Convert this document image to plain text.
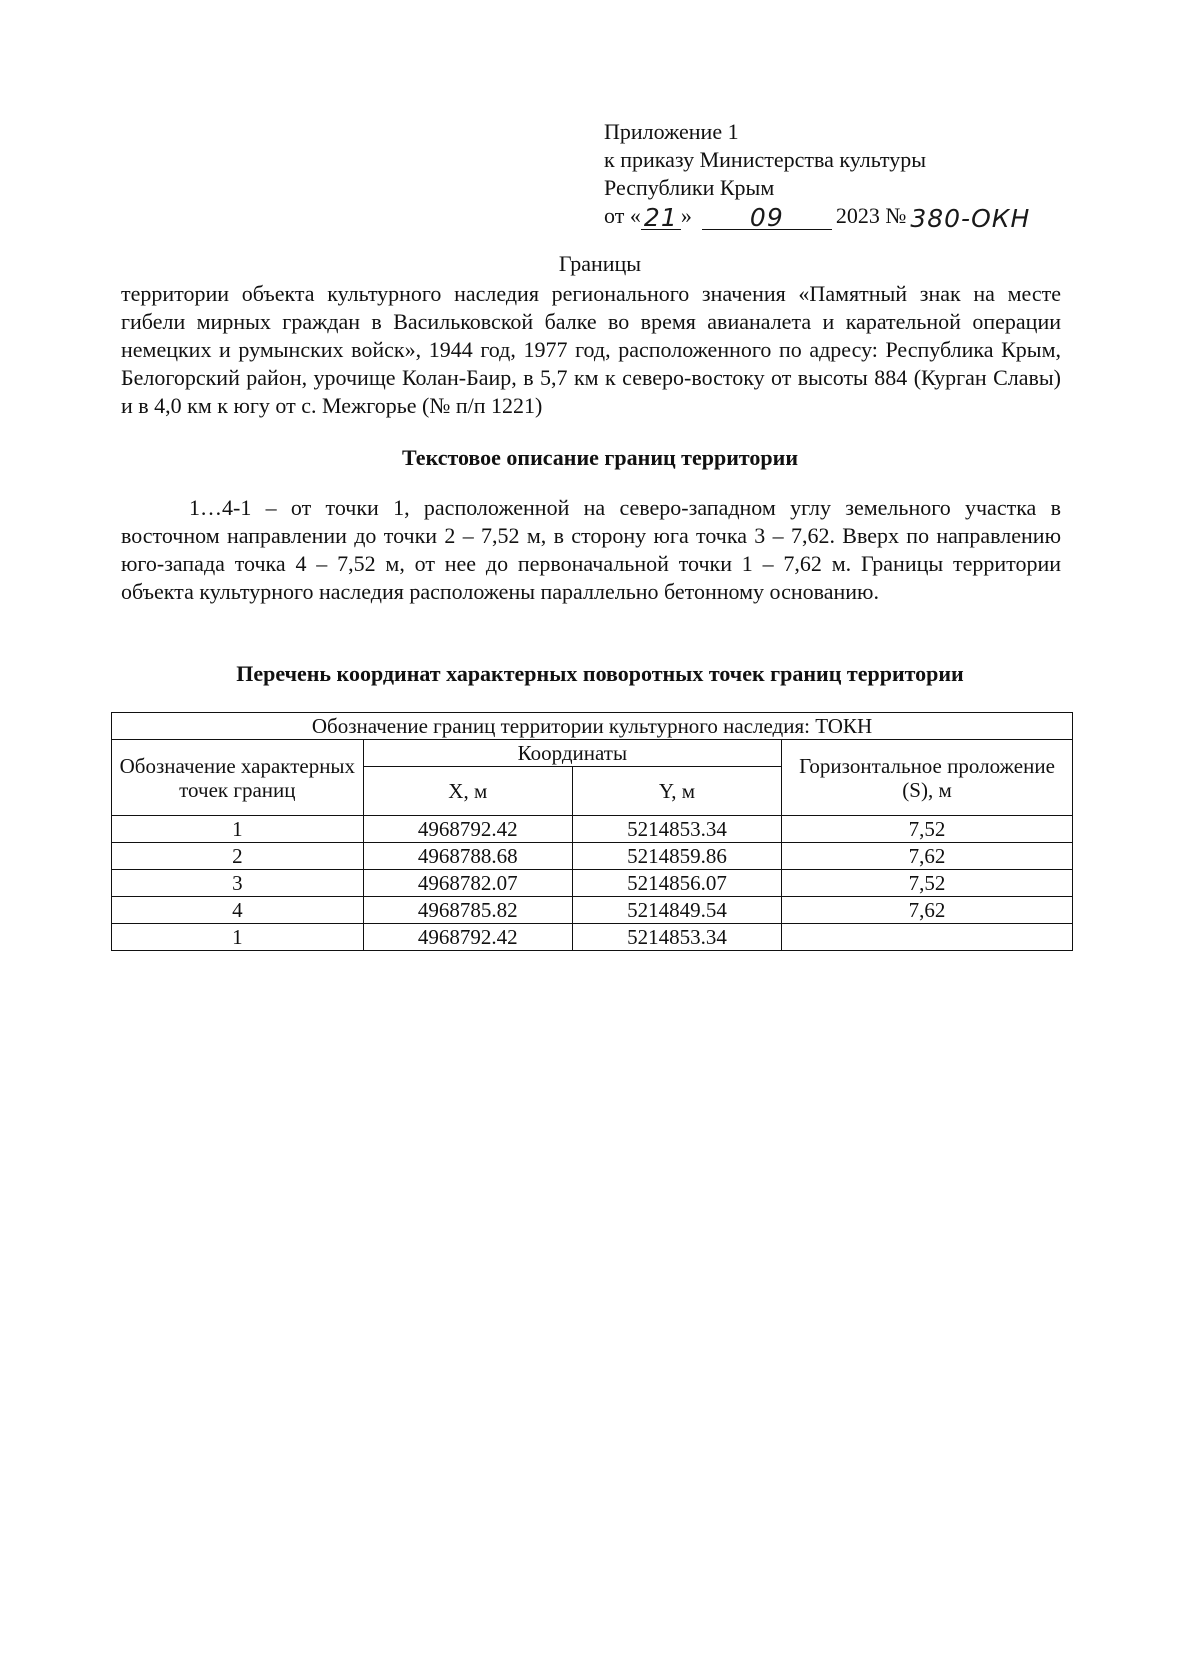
Приложение 1
к приказу Министерства культуры
Республики Крым
от « 21 »	09	2023 № 380-ОКН
Границы
территории объекта культурного наследия регионального значения «Памятный знак на месте гибели мирных граждан в Васильковской балке во время авианалета и карательной операции немецких и румынских войск», 1944 год, 1977 год, расположенного по адресу: Республика Крым, Белогорский район, урочище Колан-Баир, в 5,7 км к северо-востоку от высоты 884 (Курган Славы) и в 4,0 км к югу от с. Межгорье (№ п/п 1221)
Текстовое описание границ территории
1…4-1 – от точки 1, расположенной на северо-западном углу земельного участка в восточном направлении до точки 2 – 7,52 м, в сторону юга точка 3 – 7,62. Вверх по направлению юго-запада точка 4 – 7,52 м, от нее до первоначальной точки 1 – 7,62 м. Границы территории объекта культурного наследия расположены параллельно бетонному основанию.
Перечень координат характерных поворотных точек границ территории
Обозначение границ территории культурного наследия: ТОКН			
Обозначение характерных точек границ	Координаты		Горизонтальное проложение (S), м
	X, м	Y, м	
1	4968792.42	5214853.34	7,52
2	4968788.68	5214859.86	7,62
3	4968782.07	5214856.07	7,52
4	4968785.82	5214849.54	7,62
1	4968792.42	5214853.34	
